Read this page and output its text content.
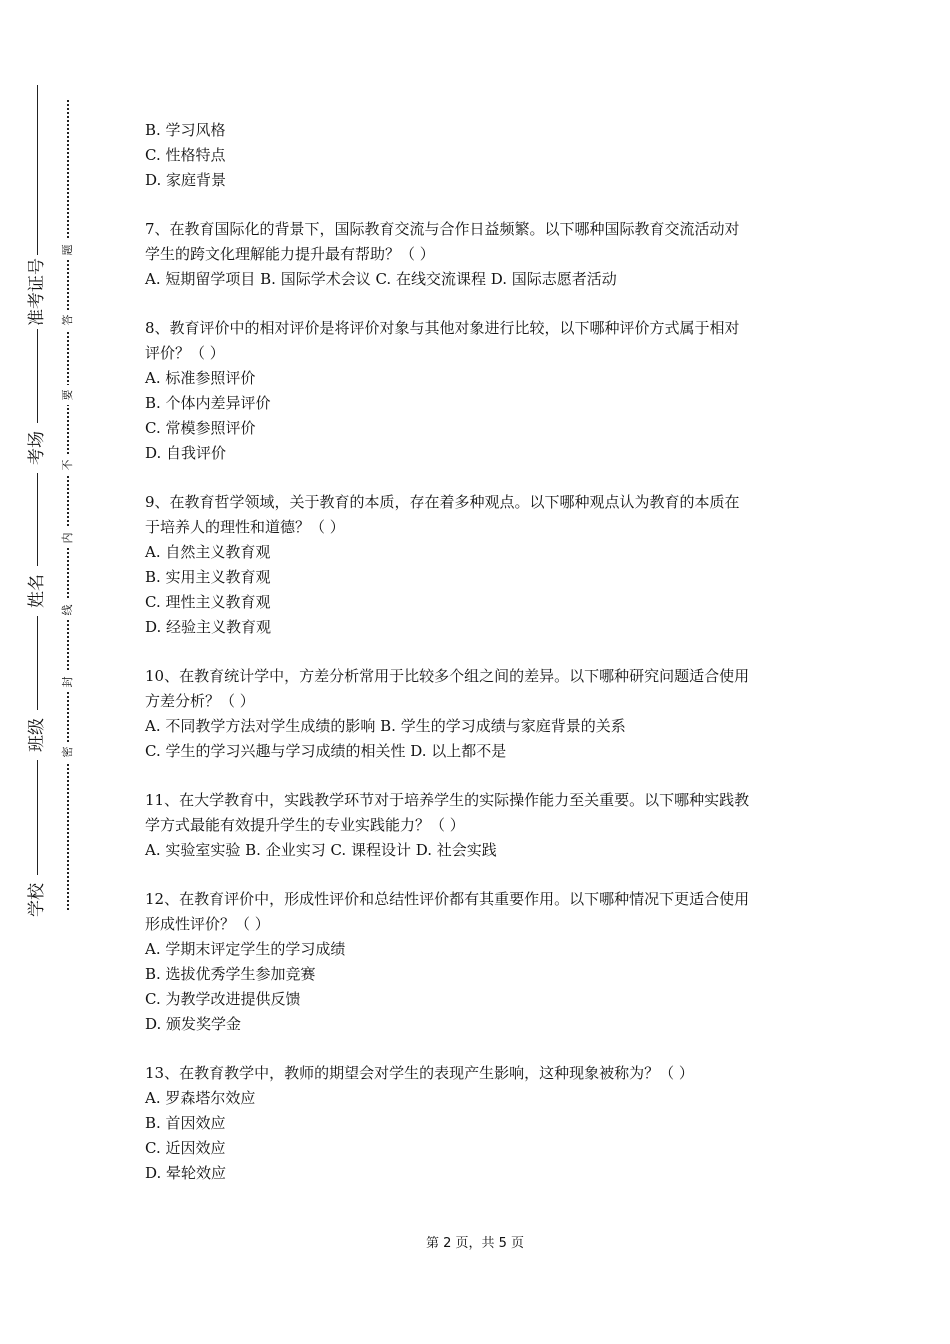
准考证号
考场
姓名
班级
学校
题
答
要
不
内
线
封
密
B. 学习风格
C. 性格特点
D. 家庭背景
7、在教育国际化的背景下，国际教育交流与合作日益频繁。以下哪种国际教育交流活动对
学生的跨文化理解能力提升最有帮助？（ ）
A. 短期留学项目 B. 国际学术会议 C. 在线交流课程 D. 国际志愿者活动
8、教育评价中的相对评价是将评价对象与其他对象进行比较，以下哪种评价方式属于相对
评价？（ ）
A. 标准参照评价
B. 个体内差异评价
C. 常模参照评价
D. 自我评价
9、在教育哲学领域，关于教育的本质，存在着多种观点。以下哪种观点认为教育的本质在
于培养人的理性和道德？（ ）
A. 自然主义教育观
B. 实用主义教育观
C. 理性主义教育观
D. 经验主义教育观
10、在教育统计学中，方差分析常用于比较多个组之间的差异。以下哪种研究问题适合使用
方差分析？（ ）
A. 不同教学方法对学生成绩的影响 B. 学生的学习成绩与家庭背景的关系
C. 学生的学习兴趣与学习成绩的相关性 D. 以上都不是
11、在大学教育中，实践教学环节对于培养学生的实际操作能力至关重要。以下哪种实践教
学方式最能有效提升学生的专业实践能力？（ ）
A. 实验室实验 B. 企业实习 C. 课程设计 D. 社会实践
12、在教育评价中，形成性评价和总结性评价都有其重要作用。以下哪种情况下更适合使用
形成性评价？（ ）
A. 学期末评定学生的学习成绩
B. 选拔优秀学生参加竞赛
C. 为教学改进提供反馈
D. 颁发奖学金
13、在教育教学中，教师的期望会对学生的表现产生影响，这种现象被称为？（ ）
A. 罗森塔尔效应
B. 首因效应
C. 近因效应
D. 晕轮效应
第 2 页，共 5 页
